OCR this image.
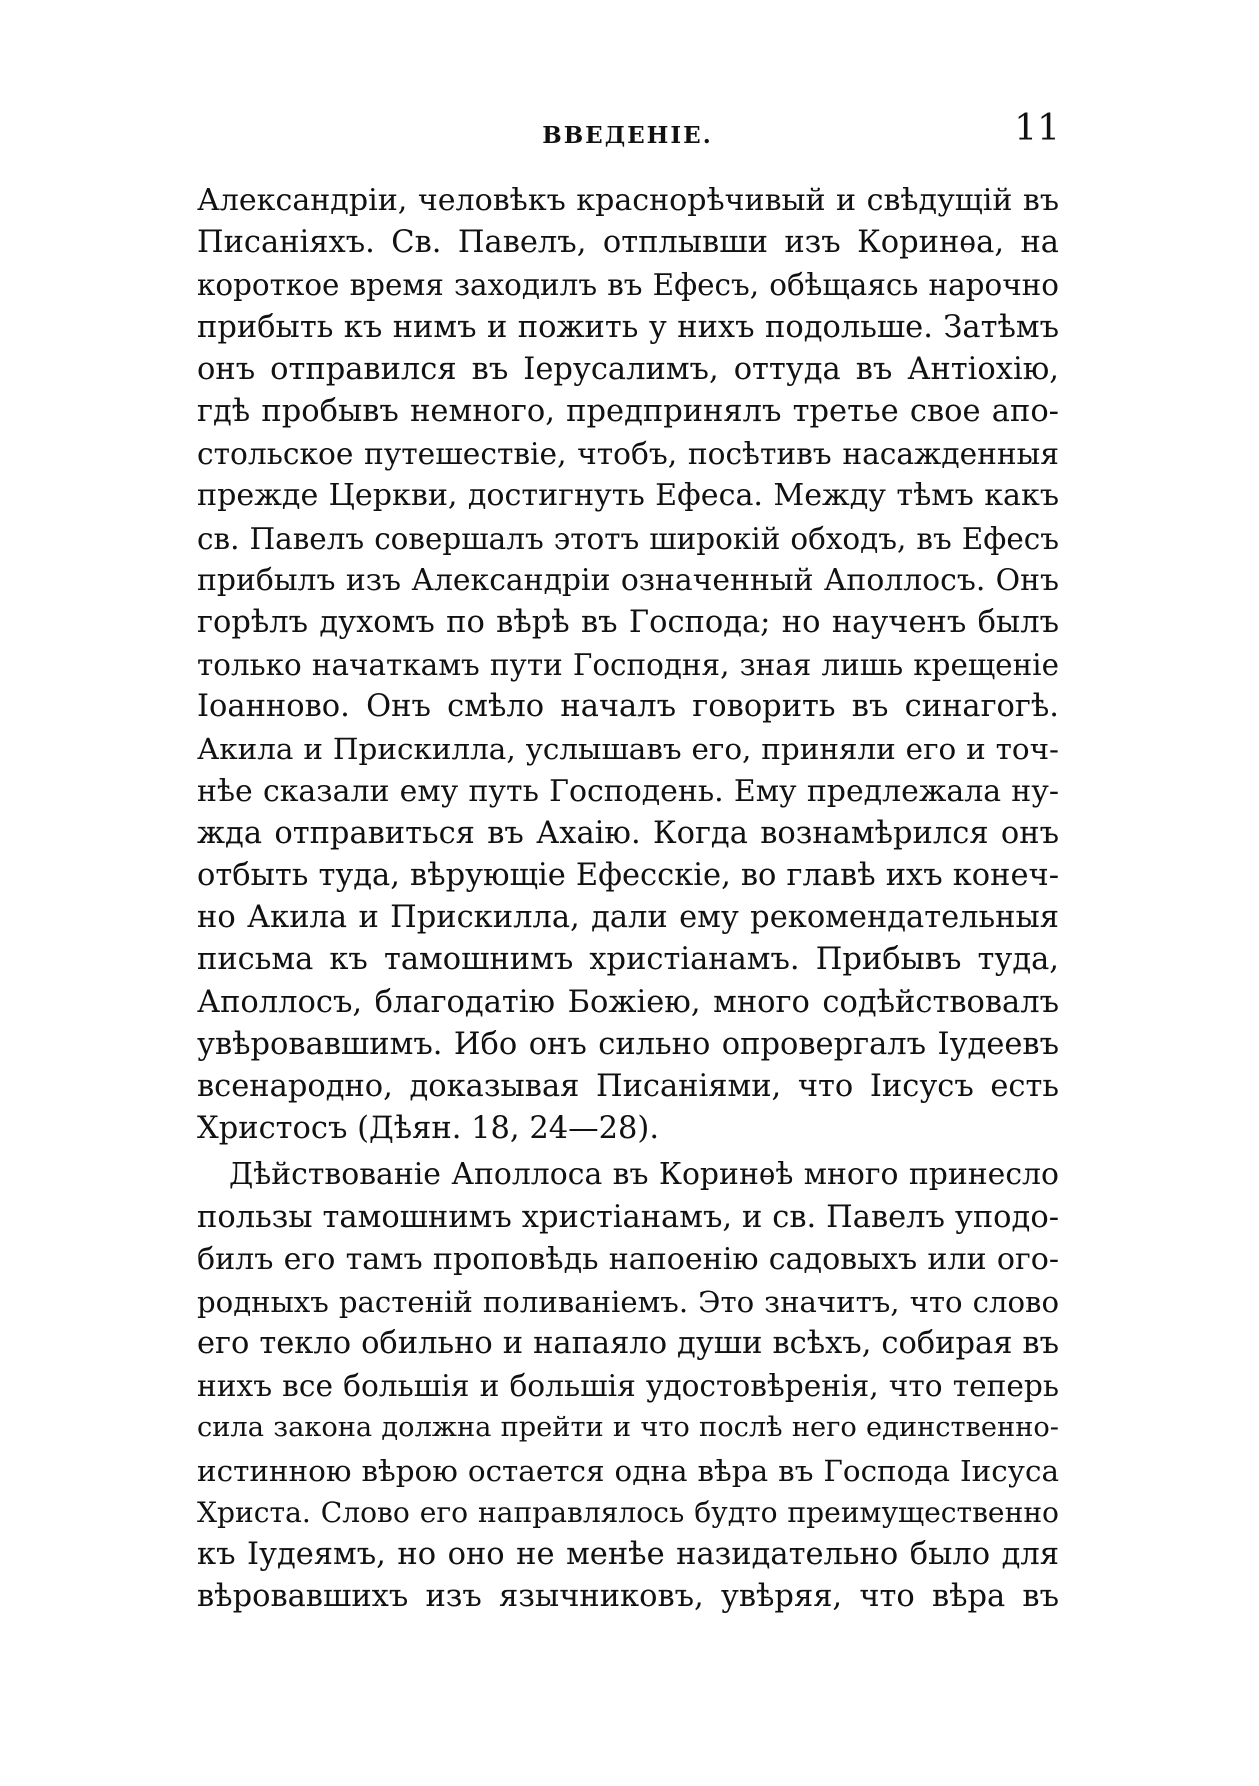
ВВЕДЕНІЕ.	11
Александріи, человѣкъ краснорѣчивый и свѣдущій въ
Писаніяхъ. Св. Павелъ, отплывши изъ Коринѳа, на
короткое время заходилъ въ Ефесъ, обѣщаясь нарочно
прибыть къ нимъ и пожить у нихъ подольше. Затѣмъ
онъ отправился въ Іерусалимъ, оттуда въ Антіохію,
гдѣ пробывъ немного, предпринялъ третье свое апо-
стольское путешествіе, чтобъ, посѣтивъ насажденныя
прежде Церкви, достигнуть Ефеса. Между тѣмъ какъ
св. Павелъ совершалъ этотъ широкій обходъ, въ Ефесъ
прибылъ изъ Александріи означенный Аполлосъ. Онъ
горѣлъ духомъ по вѣрѣ въ Господа; но наученъ былъ
только начаткамъ пути Господня, зная лишь крещеніе
Іоанново. Онъ смѣло началъ говорить въ синагогѣ.
Акила и Прискилла, услышавъ его, приняли его и точ-
нѣе сказали ему путь Господень. Ему предлежала ну-
жда отправиться въ Ахаію. Когда вознамѣрился онъ
отбыть туда, вѣрующіе Ефесскіе, во главѣ ихъ конеч-
но Акила и Прискилла, дали ему рекомендательныя
письма къ тамошнимъ христіанамъ. Прибывъ туда,
Аполлосъ, благодатію Божіею, много содѣйствовалъ
увѣровавшимъ. Ибо онъ сильно опровергалъ Іудеевъ
всенародно, доказывая Писаніями, что Іисусъ есть
Христосъ (Дѣян. 18, 24—28).
Дѣйствованіе Аполлоса въ Коринѳѣ много принесло
пользы тамошнимъ христіанамъ, и св. Павелъ уподо-
билъ его тамъ проповѣдь напоенію садовыхъ или ого-
родныхъ растеній поливаніемъ. Это значитъ, что слово
его текло обильно и напаяло души всѣхъ, собирая въ
нихъ все большія и большія удостовѣренія, что теперь
сила закона должна прейти и что послѣ него единственно-
истинною вѣрою остается одна вѣра въ Господа Іисуса
Христа. Слово его направлялось будто преимущественно
къ Іудеямъ, но оно не менѣе назидательно было для
вѣровавшихъ изъ язычниковъ, увѣряя, что вѣра въ
